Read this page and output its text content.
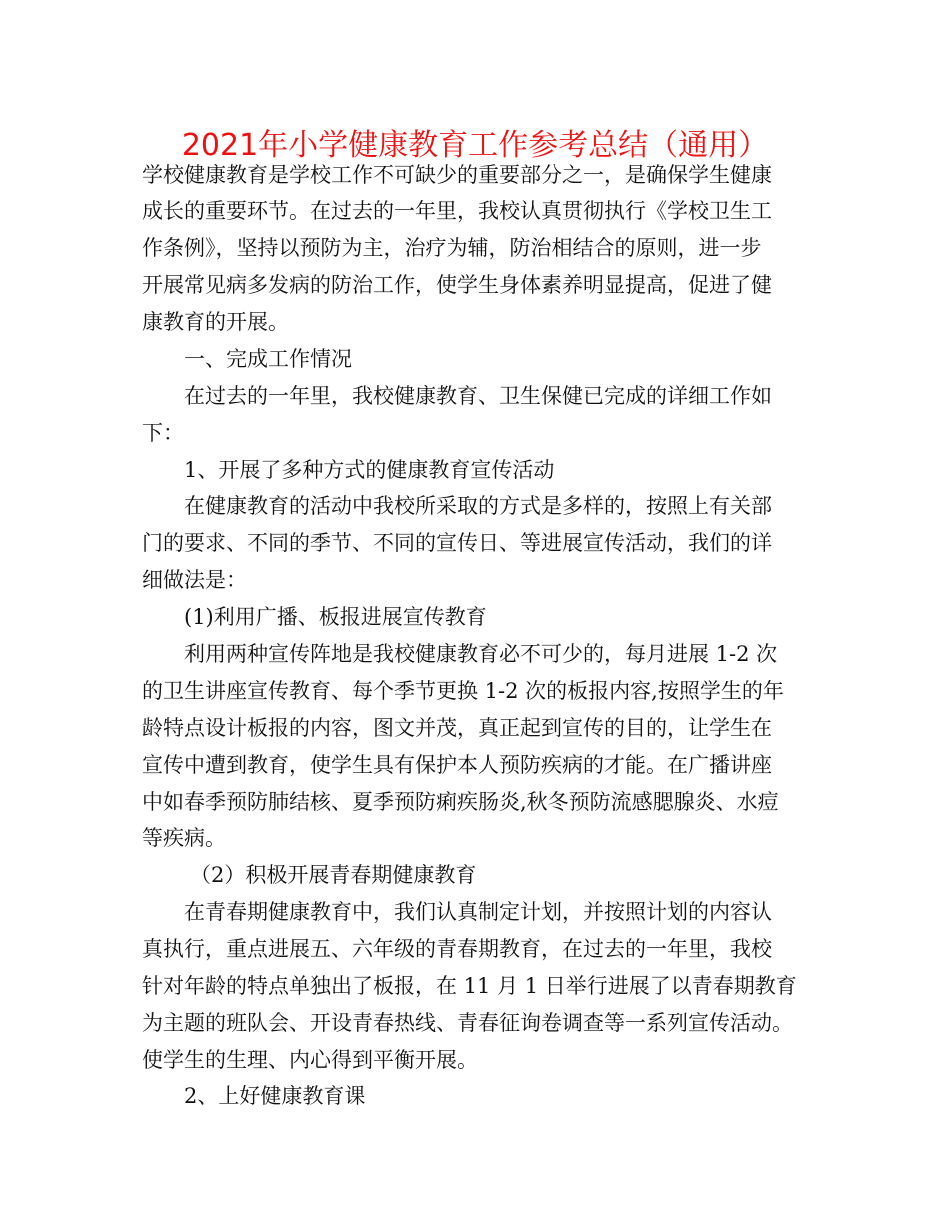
2021年小学健康教育工作参考总结（通用）
学校健康教育是学校工作不可缺少的重要部分之一，是确保学生健康
成长的重要环节。在过去的一年里，我校认真贯彻执行《学校卫生工
作条例》，坚持以预防为主，治疗为辅，防治相结合的原则，进一步
开展常见病多发病的防治工作，使学生身体素养明显提高，促进了健
康教育的开展。
一、完成工作情况
在过去的一年里，我校健康教育、卫生保健已完成的详细工作如
下：
1、开展了多种方式的健康教育宣传活动
在健康教育的活动中我校所采取的方式是多样的，按照上有关部
门的要求、不同的季节、不同的宣传日、等进展宣传活动，我们的详
细做法是：
(1)利用广播、板报进展宣传教育
利用两种宣传阵地是我校健康教育必不可少的，每月进展 1-2 次
的卫生讲座宣传教育、每个季节更换 1-2 次的板报内容,按照学生的年
龄特点设计板报的内容，图文并茂，真正起到宣传的目的，让学生在
宣传中遭到教育，使学生具有保护本人预防疾病的才能。在广播讲座
中如春季预防肺结核、夏季预防痢疾肠炎,秋冬预防流感腮腺炎、水痘
等疾病。
（2）积极开展青春期健康教育
在青春期健康教育中，我们认真制定计划，并按照计划的内容认
真执行，重点进展五、六年级的青春期教育，在过去的一年里，我校
针对年龄的特点单独出了板报，在 11 月 1 日举行进展了以青春期教育
为主题的班队会、开设青春热线、青春征询卷调查等一系列宣传活动。
使学生的生理、内心得到平衡开展。
2、上好健康教育课
